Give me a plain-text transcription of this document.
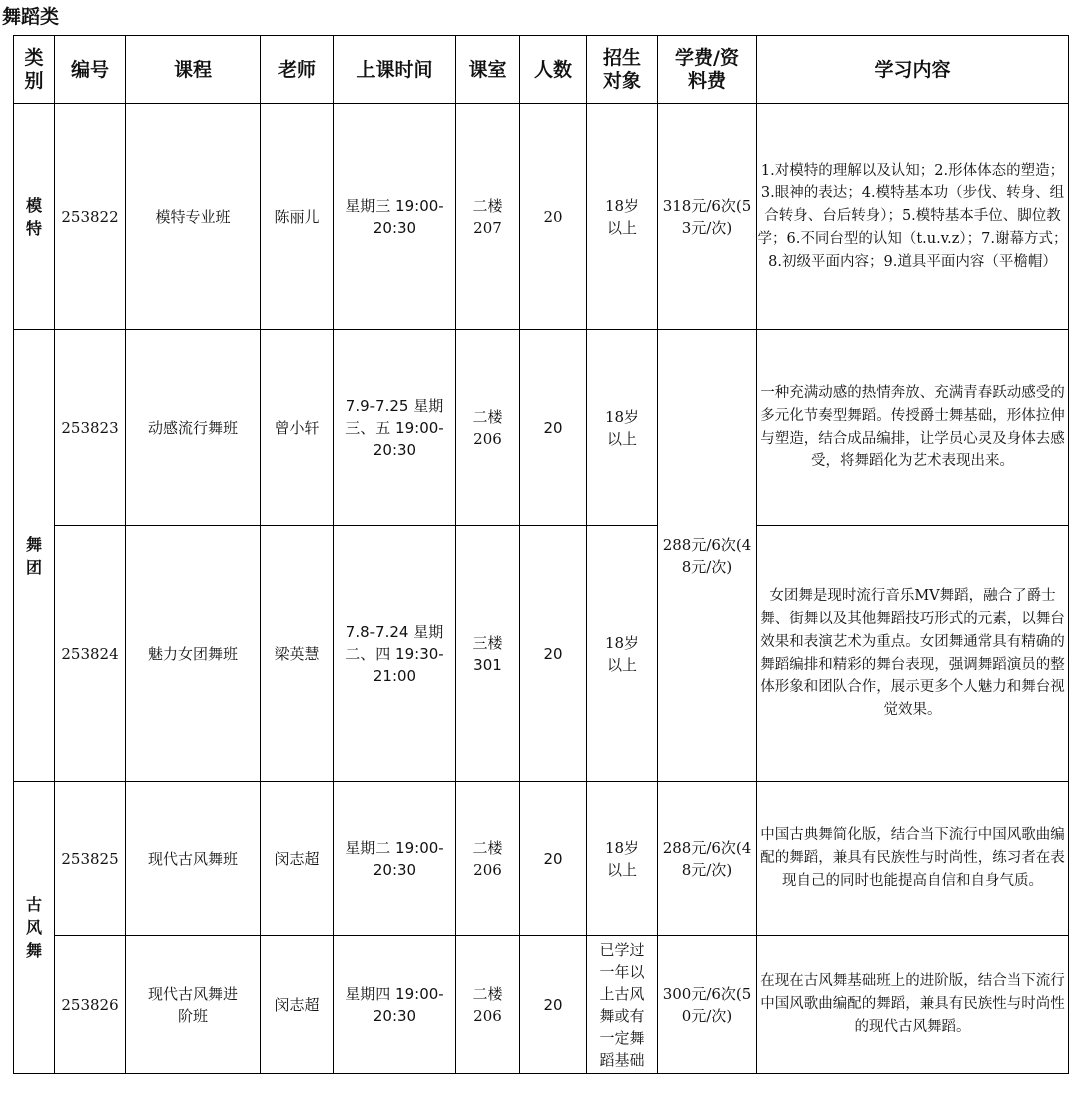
舞蹈类
类别	编号	课程	老师	上课时间	课室	人数	招生对象	学费/资料费	学习内容
模特	253822	模特专业班	陈丽儿	星期三 19:00-20:30	二楼207	20	18岁以上	318元/6次(53元/次)	1.对模特的理解以及认知；2.形体体态的塑造；3.眼神的表达；4.模特基本功（步伐、转身、组合转身、台后转身）；5.模特基本手位、脚位教学；6.不同台型的认知（t.u.v.z）；7.谢幕方式；8.初级平面内容；9.道具平面内容（平檐帽）
舞团	253823	动感流行舞班	曾小轩	7.9-7.25 星期三、五 19:00-20:30	二楼206	20	18岁以上	288元/6次(48元/次)	一种充满动感的热情奔放、充满青春跃动感受的多元化节奏型舞蹈。传授爵士舞基础，形体拉伸与塑造，结合成品编排，让学员心灵及身体去感受，将舞蹈化为艺术表现出来。
	253824	魅力女团舞班	梁英慧	7.8-7.24 星期二、四 19:30-21:00	三楼301	20	18岁以上		女团舞是现时流行音乐MV舞蹈，融合了爵士舞、街舞以及其他舞蹈技巧形式的元素，以舞台效果和表演艺术为重点。女团舞通常具有精确的舞蹈编排和精彩的舞台表现，强调舞蹈演员的整体形象和团队合作，展示更多个人魅力和舞台视觉效果。
古风舞	253825	现代古风舞班	闵志超	星期二 19:00-20:30	二楼206	20	18岁以上	288元/6次(48元/次)	中国古典舞简化版，结合当下流行中国风歌曲编配的舞蹈，兼具有民族性与时尚性，练习者在表现自己的同时也能提高自信和自身气质。
	253826	现代古风舞进阶班	闵志超	星期四 19:00-20:30	二楼206	20	已学过一年以上古风舞或有一定舞蹈基础	300元/6次(50元/次)	在现在古风舞基础班上的进阶版，结合当下流行中国风歌曲编配的舞蹈，兼具有民族性与时尚性的现代古风舞蹈。
